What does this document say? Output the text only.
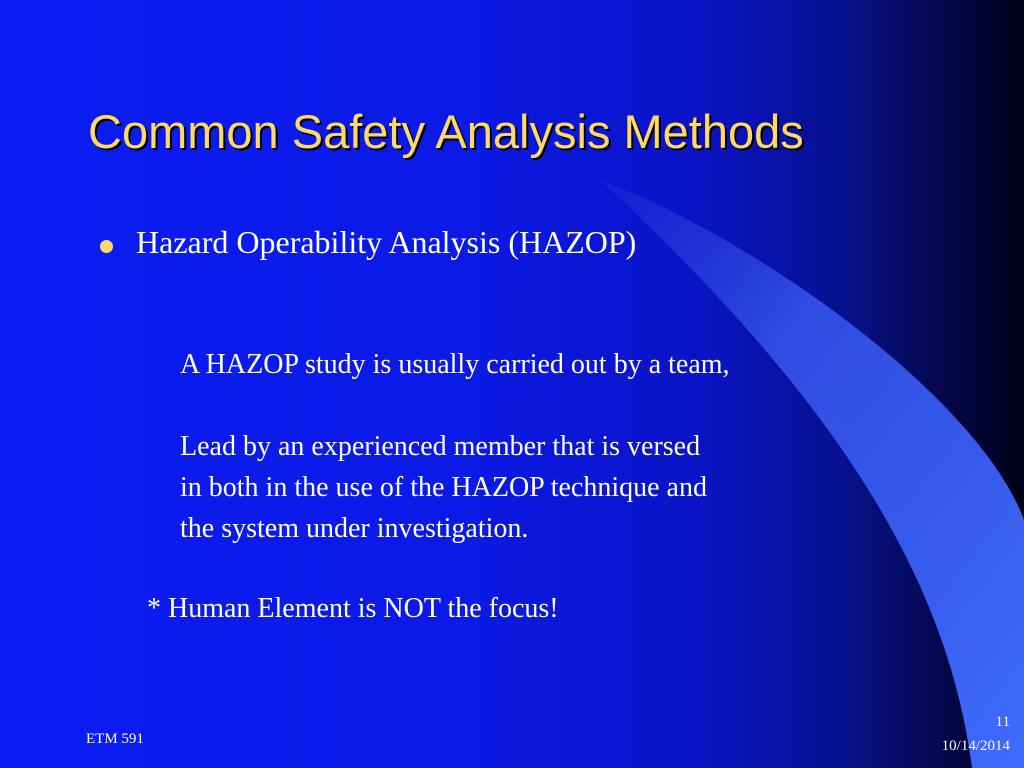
Common Safety Analysis Methods
Hazard Operability Analysis (HAZOP)
A HAZOP study is usually carried out by a team,
Lead by an experienced member that is versed
in both in the use of the HAZOP technique and
the system under investigation.
* Human Element is NOT the focus!
ETM 591
11
10/14/2014
